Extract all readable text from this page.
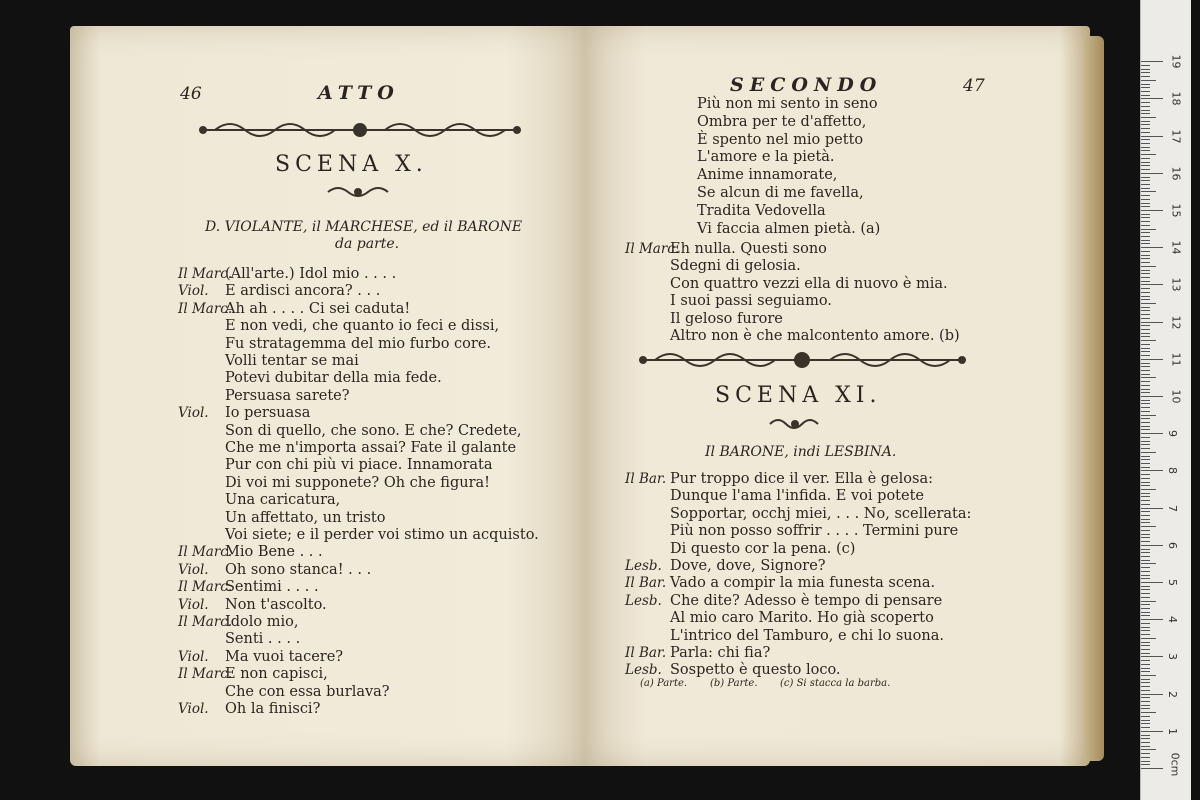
46	ATTO
SCENA X.
D. VIOLANTE, il MARCHESE, ed il BARONE
da parte.
Il Marc.
(All'arte.) Idol mio . . . .
Viol. E ardisci ancora? . . .
Il Marc.
Ah ah . . . . Ci sei caduta!
E non vedi, che quanto io feci e dissi,
Fu stratagemma del mio furbo core.
Volli tentar se mai
Potevi dubitar della mia fede.
Persuasa sarete?
Viol. Io persuasa
Son di quello, che sono. E che? Credete,
Che me n'importa assai? Fate il galante
Pur con chi più vi piace. Innamorata
Di voi mi supponete? Oh che figura!
Una caricatura,
Un affettato, un tristo
Voi siete; e il perder voi stimo un acquisto.
Il Marc.
Mio Bene . . .
Viol. Oh sono stanca! . . .
Il Marc.
Sentimi . . . .
Viol. Non t'ascolto.
Il Marc.
Idolo mio,
Senti . . . .
Viol. Ma vuoi tacere?
Il Marc.
E non capisci,
Che con essa burlava?
Viol. Oh la finisci?
SECONDO	47
Più non mi sento in seno
Ombra per te d'affetto,
È spento nel mio petto
L'amore e la pietà.
Anime innamorate,
Se alcun di me favella,
Tradita Vedovella
Vi faccia almen pietà. (a)
Il Marc.
Eh nulla. Questi sono
Sdegni di gelosia.
Con quattro vezzi ella di nuovo è mia.
I suoi passi seguiamo.
Il geloso furore
Altro non è che malcontento amore. (b)
SCENA XI.
Il BARONE, indi LESBINA.
Il Bar. Pur troppo dice il ver. Ella è gelosa:
Dunque l'ama l'infida. E voi potete
Sopportar, occhj miei, . . . No, scellerata:
Più non posso soffrir . . . . Termini pure
Di questo cor la pena. (c)
Lesb. Dove, dove, Signore?
Il Bar. Vado a compir la mia funesta scena.
Lesb. Che dite? Adesso è tempo di pensare
Al mio caro Marito. Ho già scoperto
L'intrico del Tamburo, e chi lo suona.
Il Bar. Parla: chi fia?
Lesb. Sospetto è questo loco.
(a) Parte. (b) Parte. (c) Si stacca la barba.
0cm
1
2
3
4
5
6
7
8
9
10
11
12
13
14
15
16
17
18
19
